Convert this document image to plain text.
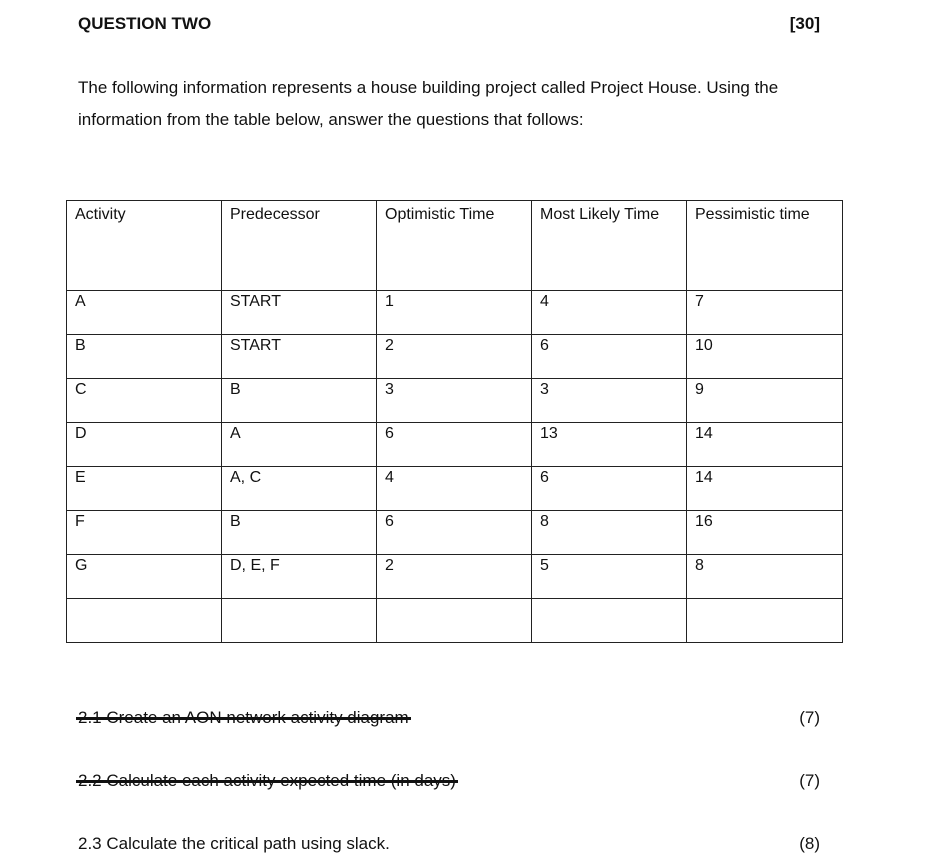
QUESTION TWO	[30]
The following information represents a house building project called Project House. Using the
information from the table below, answer the questions that follows:
Activity	Predecessor	Optimistic Time	Most Likely Time	Pessimistic time
A	START	1	4	7
B	START	2	6	10
C	B	3	3	9
D	A	6	13	14
E	A, C	4	6	14
F	B	6	8	16
G	D, E, F	2	5	8

(7)
(7)
2.3 Calculate the critical path using slack.	(8)
